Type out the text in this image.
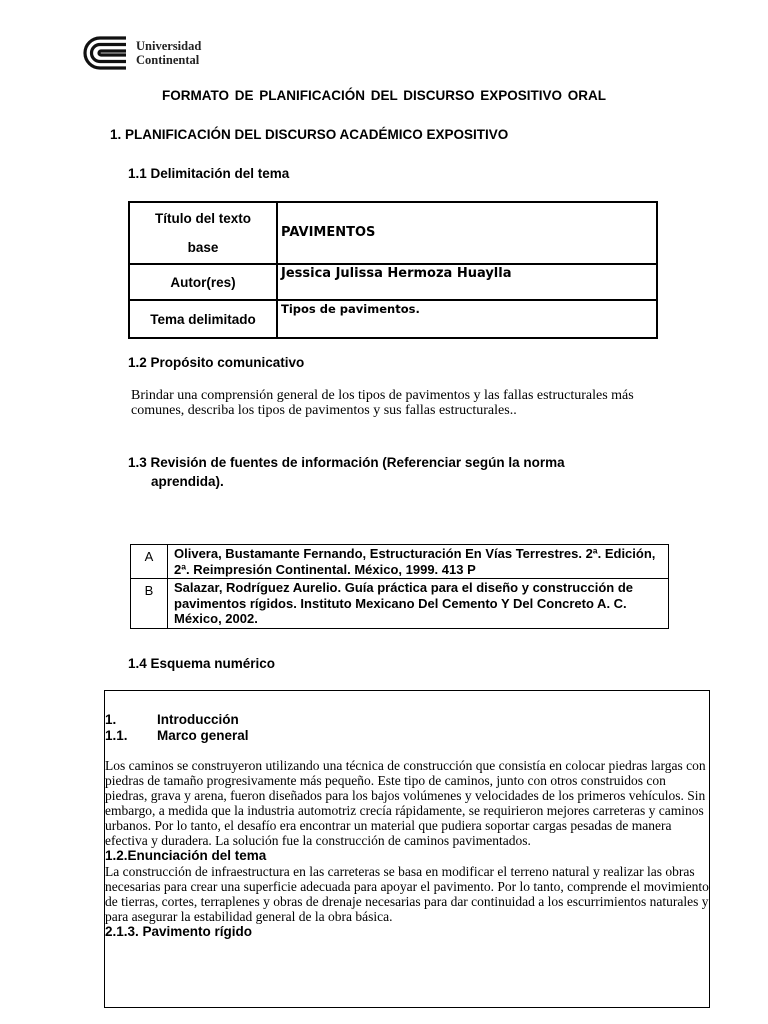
Universidad
Continental
FORMATO DE PLANIFICACIÓN DEL DISCURSO EXPOSITIVO ORAL
1. PLANIFICACIÓN DEL DISCURSO ACADÉMICO EXPOSITIVO
1.1 Delimitación del tema
Título del texto
base	PAVIMENTOS
Autor(res)	Jessica Julissa Hermoza Huaylla
Tema delimitado	Tipos de pavimentos.
1.2 Propósito comunicativo
Brindar una comprensión general de los tipos de pavimentos y las fallas estructurales más comunes, describa los tipos de pavimentos y sus fallas estructurales..
1.3 Revisión de fuentes de información (Referenciar según la norma
aprendida).
A	Olivera, Bustamante Fernando, Estructuración En Vías Terrestres. 2ª. Edición, 2ª. Reimpresión Continental. México, 1999. 413 P
B	Salazar, Rodríguez Aurelio. Guía práctica para el diseño y construcción de pavimentos rígidos. Instituto Mexicano Del Cemento Y Del Concreto A. C. México, 2002.
1.4 Esquema numérico
1.	Introducción
1.1. Marco general
Los caminos se construyeron utilizando una técnica de construcción que consistía en colocar piedras largas con piedras de tamaño progresivamente más pequeño. Este tipo de caminos, junto con otros construidos con piedras, grava y arena, fueron diseñados para los bajos volúmenes y velocidades de los primeros vehículos. Sin embargo, a medida que la industria automotriz crecía rápidamente, se requirieron mejores carreteras y caminos urbanos. Por lo tanto, el desafío era encontrar un material que pudiera soportar cargas pesadas de manera efectiva y duradera. La solución fue la construcción de caminos pavimentados.
1.2.Enunciación del tema
La construcción de infraestructura en las carreteras se basa en modificar el terreno natural y realizar las obras necesarias para crear una superficie adecuada para apoyar el pavimento. Por lo tanto, comprende el movimiento de tierras, cortes, terraplenes y obras de drenaje necesarias para dar continuidad a los escurrimientos naturales y para asegurar la estabilidad general de la obra básica.
2.1.3. Pavimento rígido
